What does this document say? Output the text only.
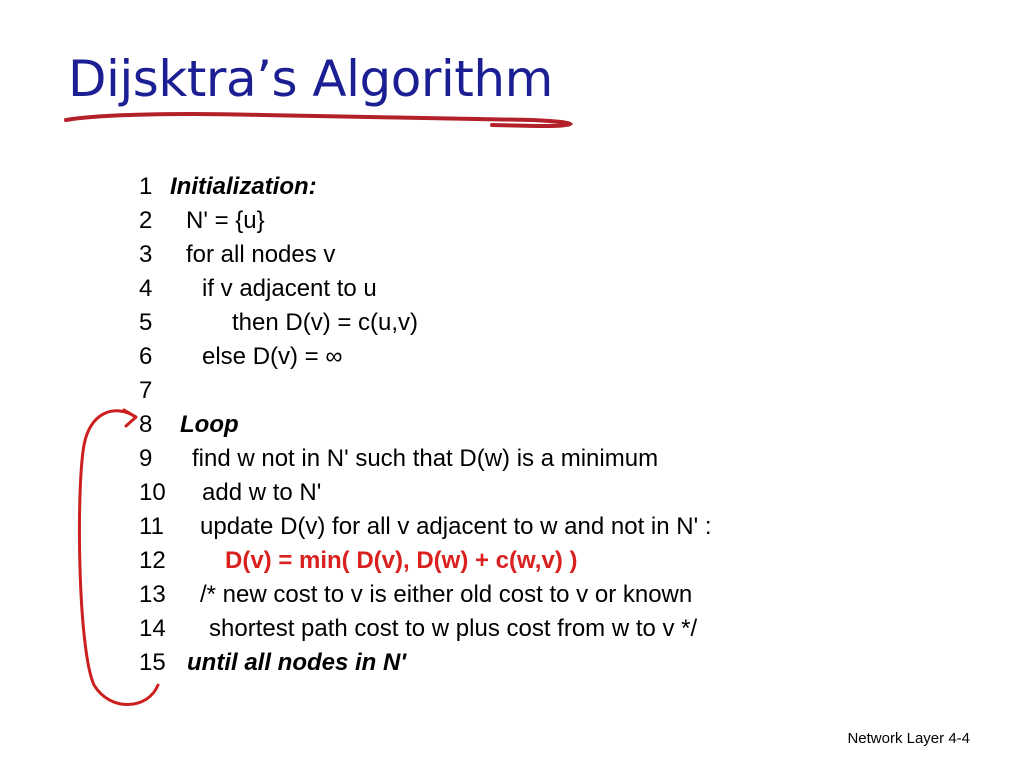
Dijsktra’s Algorithm
1 Initialization:
2 N' = {u}
3 for all nodes v
4 if v adjacent to u
5	then D(v) = c(u,v)
6 else D(v) = ∞
7
8 Loop
9 find w not in N' such that D(w) is a minimum
10 add w to N'
11 update D(v) for all v adjacent to w and not in N' :
12 D(v) = min( D(v), D(w) + c(w,v) )
13 /* new cost to v is either old cost to v or known
14 shortest path cost to w plus cost from w to v */
15 until all nodes in N'
Network Layer 4-4
